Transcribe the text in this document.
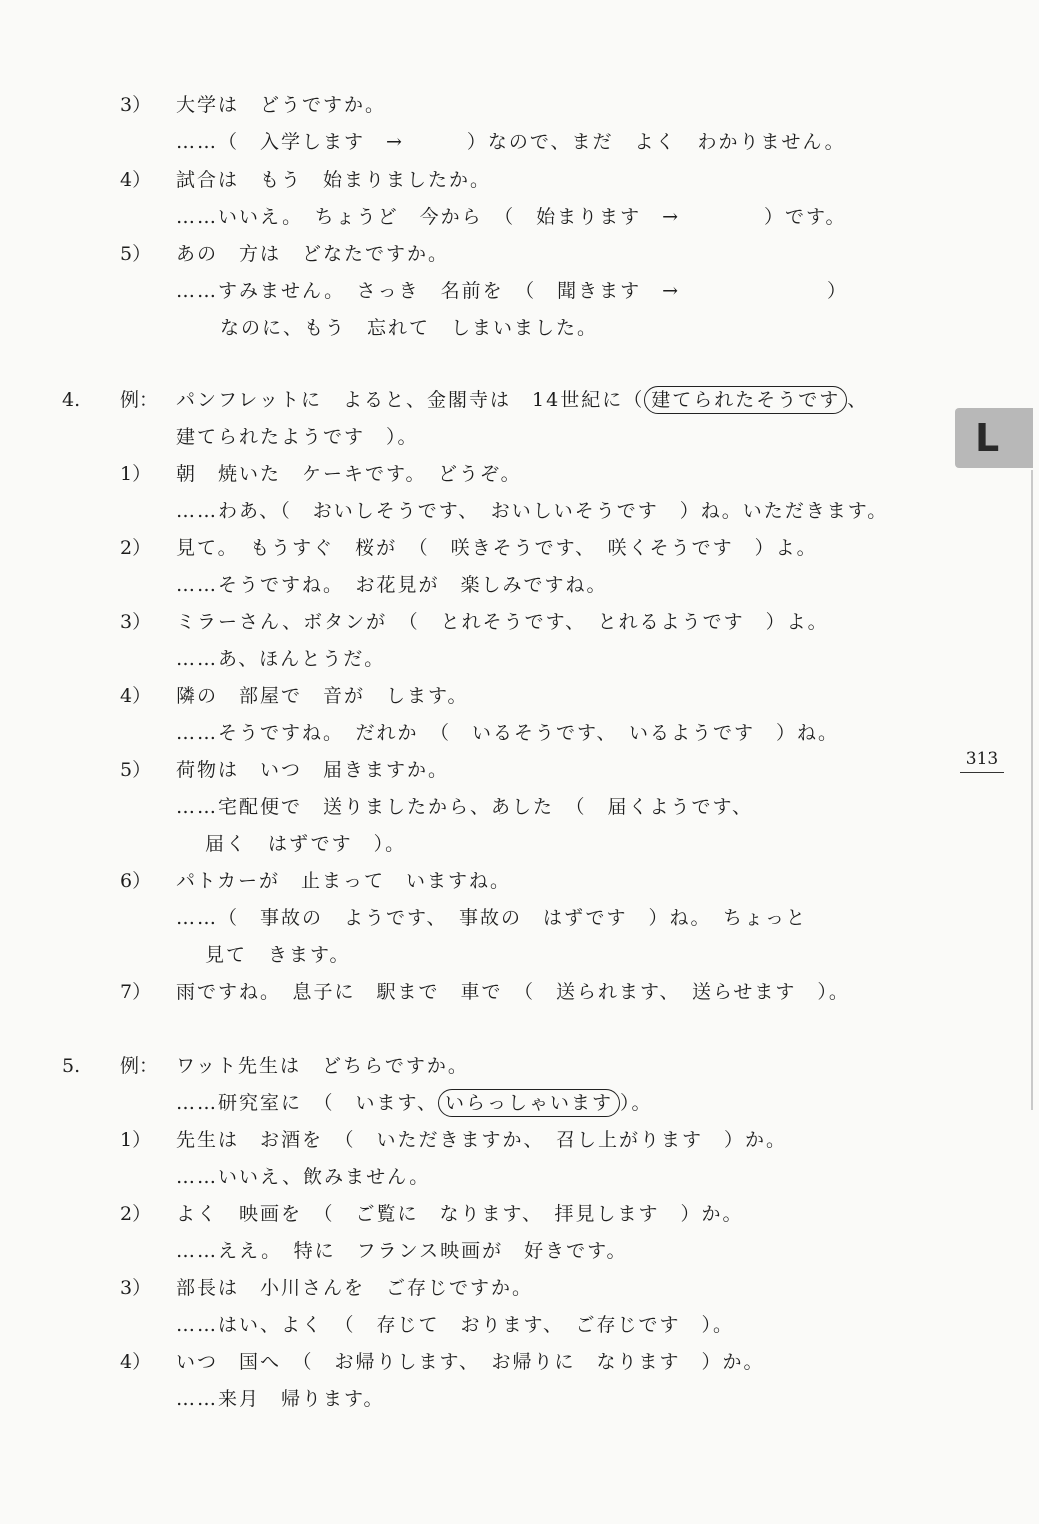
3）	大学は　どうですか。
……（　入学します　→　　　）なので、まだ　よく　わかりません。
4）	試合は　もう　始まりましたか。
……いいえ。　ちょうど　今から　（　始まります　→　　　　）です。
5）	あの　方は　どなたですか。
……すみません。　さっき　名前を　（　聞きます　→　　　　　　　）
なのに、もう　忘れて　しまいました。
4. 例： パンフレットに　よると、金閣寺は　14世紀に（ 建てられたそうです 、
建てられたようです　）。
1）	朝　焼いた　ケーキです。　どうぞ。
……わあ、（　おいしそうです、　おいしいそうです　）ね。いただきます。
2）	見て。　もうすぐ　桜が　（　咲きそうです、　咲くそうです　）よ。
……そうですね。　お花見が　楽しみですね。
3）	ミラーさん、ボタンが　（　とれそうです、　とれるようです　）よ。
……あ、ほんとうだ。
4）	隣の　部屋で　音が　します。
……そうですね。　だれか　（　いるそうです、　いるようです　）ね。
5）	荷物は　いつ　届きますか。
……宅配便で　送りましたから、あした　（　届くようです、
届く　はずです　）。
6）	パトカーが　止まって　いますね。
……（　事故の　ようです、　事故の　はずです　）ね。　ちょっと
見て　きます。
7）	雨ですね。　息子に　駅まで　車で　（　送られます、　送らせます　）。
5. 例： ワット先生は　どちらですか。
……研究室に　（　います、 いらっしゃいます ）。
1）	先生は　お酒を　（　いただきますか、　召し上がります　）か。
……いいえ、飲みません。
2）	よく　映画を　（　ご覧に　なります、　拝見します　）か。
……ええ。　特に　フランス映画が　好きです。
3）	部長は　小川さんを　ご存じですか。
……はい、よく　（　存じて　おります、　ご存じです　）。
4）	いつ　国へ　（　お帰りします、　お帰りに　なります　）か。
……来月　帰ります。
L
313
